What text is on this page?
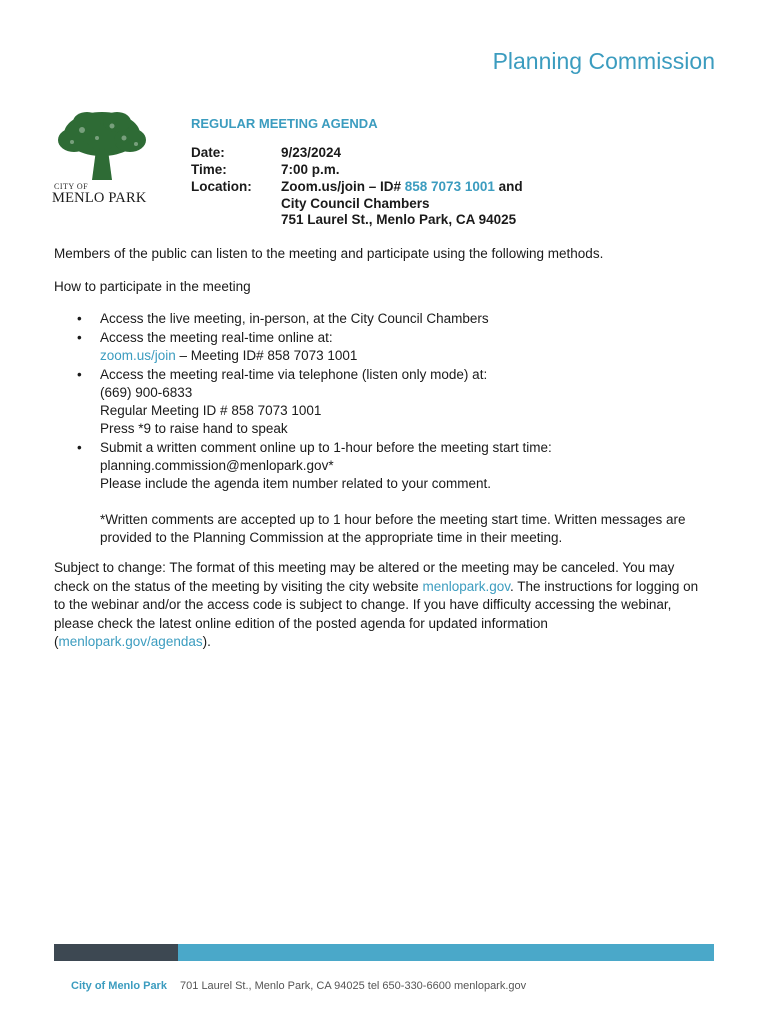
Planning Commission
CITY OF
MENLO PARK
REGULAR MEETING AGENDA
Date:	9/23/2024
Time:	7:00 p.m.
Location: Zoom.us/join – ID# 858 7073 1001 and
City Council Chambers
751 Laurel St., Menlo Park, CA 94025
Members of the public can listen to the meeting and participate using the following methods.
How to participate in the meeting
• Access the live meeting, in-person, at the City Council Chambers
• Access the meeting real-time online at:
zoom.us/join – Meeting ID# 858 7073 1001
• Access the meeting real-time via telephone (listen only mode) at:
(669) 900-6833
Regular Meeting ID # 858 7073 1001
Press *9 to raise hand to speak
• Submit a written comment online up to 1-hour before the meeting start time:
planning.commission@menlopark.gov*
Please include the agenda item number related to your comment.
*Written comments are accepted up to 1 hour before the meeting start time. Written messages are
provided to the Planning Commission at the appropriate time in their meeting.
Subject to change: The format of this meeting may be altered or the meeting may be canceled. You may
check on the status of the meeting by visiting the city website menlopark.gov. The instructions for logging on
to the webinar and/or the access code is subject to change. If you have difficulty accessing the webinar,
please check the latest online edition of the posted agenda for updated information
(menlopark.gov/agendas).
City of Menlo Park 701 Laurel St., Menlo Park, CA 94025 tel 650-330-6600 menlopark.gov
